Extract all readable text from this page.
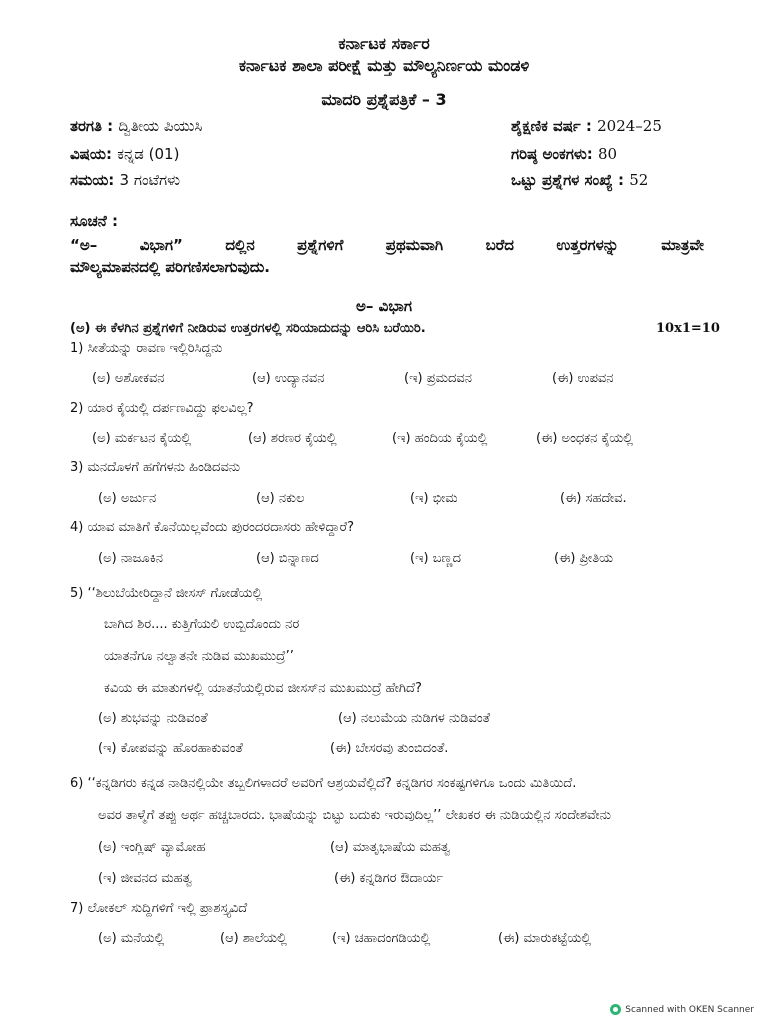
ಕರ್ನಾಟಕ ಸರ್ಕಾರ
ಕರ್ನಾಟಕ ಶಾಲಾ ಪರೀಕ್ಷೆ ಮತ್ತು ಮೌಲ್ಯನಿರ್ಣಯ ಮಂಡಳಿ
ಮಾದರಿ ಪ್ರಶ್ನೆಪತ್ರಿಕೆ – 3
ತರಗತಿ : ದ್ವಿತೀಯ ಪಿಯುಸಿ	ಶೈಕ್ಷಣಿಕ ವರ್ಷ : 2024–25
ವಿಷಯ: ಕನ್ನಡ (01)	ಗರಿಷ್ಠ ಅಂಕಗಳು: 80
ಸಮಯ: 3 ಗಂಟೆಗಳು	ಒಟ್ಟು ಪ್ರಶ್ನೆಗಳ ಸಂಖ್ಯೆ : 52
ಸೂಚನೆ :
“ಅ– ವಿಭಾಗ” ದಲ್ಲಿನ ಪ್ರಶ್ನೆಗಳಿಗೆ ಪ್ರಥಮವಾಗಿ ಬರೆದ ಉತ್ತರಗಳನ್ನು ಮಾತ್ರವೇ
ಮೌಲ್ಯಮಾಪನದಲ್ಲಿ ಪರಿಗಣಿಸಲಾಗುವುದು.
ಅ– ವಿಭಾಗ
(ಅ) ಈ ಕೆಳಗಿನ ಪ್ರಶ್ನೆಗಳಿಗೆ ನೀಡಿರುವ ಉತ್ತರಗಳಲ್ಲಿ ಸರಿಯಾದುದನ್ನು ಆರಿಸಿ ಬರೆಯಿರಿ.	10x1=10
1) ಸೀತೆಯನ್ನು ರಾವಣ ಇಲ್ಲಿರಿಸಿದ್ದನು
(ಅ) ಅಶೋಕವನ	(ಆ) ಉದ್ಯಾನವನ	(ಇ) ಪ್ರಮದವನ	(ಈ) ಉಪವನ
2) ಯಾರ ಕೈಯಲ್ಲಿ ದರ್ಪಣವಿದ್ದು ಫಲವಿಲ್ಲ?
(ಅ) ಮರ್ಕಟನ ಕೈಯಲ್ಲಿ	(ಆ) ಶರಣರ ಕೈಯಲ್ಲಿ	(ಇ) ಹಂದಿಯ ಕೈಯಲ್ಲಿ	(ಈ) ಅಂಧಕನ ಕೈಯಲ್ಲಿ
3) ಮನದೊಳಗೆ ಹಗೆಗಳನು ಹಿಂಡಿದವನು
(ಅ) ಅರ್ಜುನ	(ಆ) ನಕುಲ	(ಇ) ಭೀಮ	(ಈ) ಸಹದೇವ.
4) ಯಾವ ಮಾತಿಗೆ ಕೊನೆಯಿಲ್ಲವೆಂದು ಪುರಂದರದಾಸರು ಹೇಳಿದ್ದಾರೆ?
(ಅ) ನಾಜೂಕಿನ	(ಆ) ಬಿನ್ನಾಣದ	(ಇ) ಬಣ್ಣದ	(ಈ) ಪ್ರೀತಿಯ
5) ‘‘ಶಿಲುಬೆಯೇರಿದ್ದಾನೆ ಜೀಸಸ್ ಗೋಡೆಯಲ್ಲಿ
ಬಾಗಿದ ಶಿರ.... ಕುತ್ತಿಗೆಯಲಿ ಉಬ್ಬಿದೊಂದು ನರ
ಯಾತನೆಗೂ ನಲ್ವಾತನೇ ನುಡಿವ ಮುಖಮುದ್ರೆ’’
ಕವಿಯ ಈ ಮಾತುಗಳಲ್ಲಿ ಯಾತನೆಯಲ್ಲಿರುವ ಜೀಸಸ್‌ನ ಮುಖಮುದ್ರೆ ಹೇಗಿದೆ?
(ಅ) ಶುಭವನ್ನು ನುಡಿವಂತೆ	(ಆ) ನಲುಮೆಯ ನುಡಿಗಳ ನುಡಿವಂತೆ
(ಇ) ಕೋಪವನ್ನು ಹೊರಹಾಕುವಂತೆ	(ಈ) ಬೇಸರವು ತುಂಬಿದಂತೆ.
6) ‘‘ಕನ್ನಡಿಗರು ಕನ್ನಡ ನಾಡಿನಲ್ಲಿಯೇ ತಬ್ಬಲಿಗಳಾದರೆ ಅವರಿಗೆ ಆಶ್ರಯವೆಲ್ಲಿದೆ? ಕನ್ನಡಿಗರ ಸಂಕಷ್ಟಗಳಿಗೂ ಒಂದು ಮಿತಿಯಿದೆ.
ಅವರ ತಾಳ್ಮೆಗೆ ತಪ್ಪು ಅರ್ಥ ಹಚ್ಚಬಾರದು. ಭಾಷೆಯನ್ನು ಬಿಟ್ಟು ಬದುಕು ಇರುವುದಿಲ್ಲ’’ ಲೇಖಕರ ಈ ನುಡಿಯಲ್ಲಿನ ಸಂದೇಶವೇನು
(ಅ) ಇಂಗ್ಲಿಷ್ ವ್ಯಾಮೋಹ	(ಆ) ಮಾತೃಭಾಷೆಯ ಮಹತ್ವ
(ಇ) ಜೀವನದ ಮಹತ್ವ	(ಈ) ಕನ್ನಡಿಗರ ಔದಾರ್ಯ
7) ಲೋಕಲ್ ಸುದ್ದಿಗಳಿಗೆ ಇಲ್ಲಿ ಪ್ರಾಶಸ್ತ್ಯವಿದೆ
(ಅ) ಮನೆಯಲ್ಲಿ	(ಆ) ಶಾಲೆಯಲ್ಲಿ	(ಇ) ಚಹಾದಂಗಡಿಯಲ್ಲಿ	(ಈ) ಮಾರುಕಟ್ಟೆಯಲ್ಲಿ
Scanned with OKEN Scanner
